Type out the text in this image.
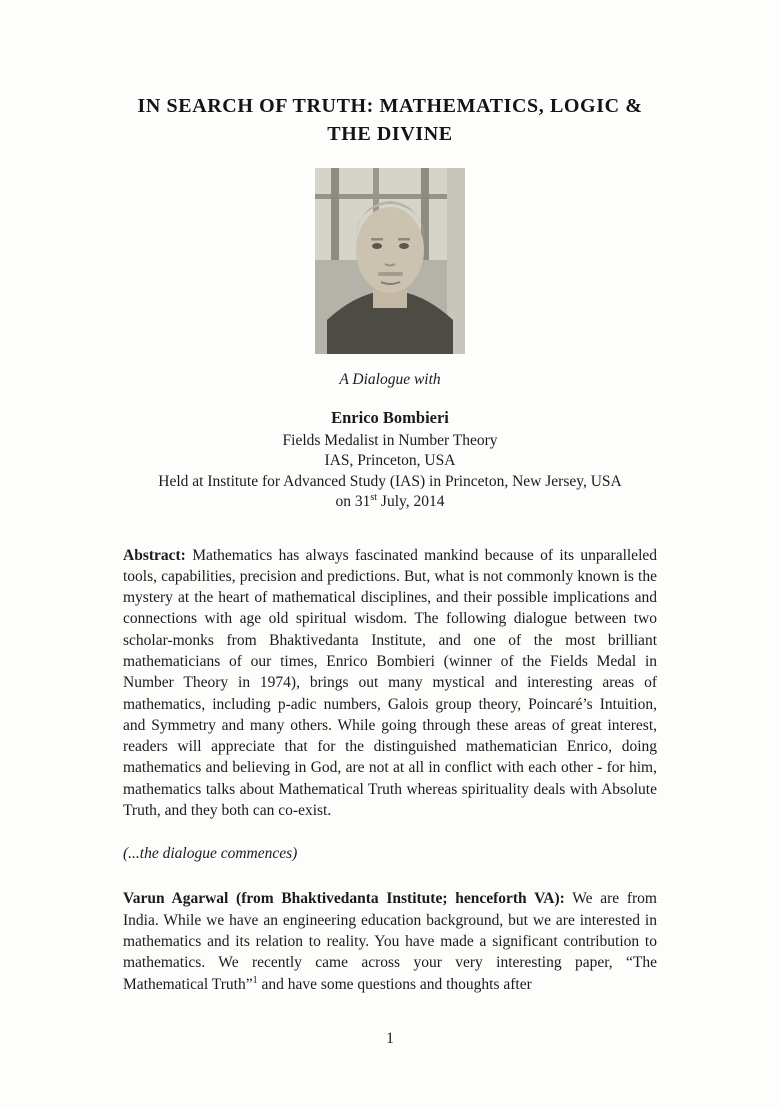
IN SEARCH OF TRUTH: MATHEMATICS, LOGIC &
THE DIVINE
A Dialogue with
Enrico Bombieri
Fields Medalist in Number Theory
IAS, Princeton, USA
Held at Institute for Advanced Study (IAS) in Princeton, New Jersey, USA
on 31st July, 2014

Abstract: Mathematics has always fascinated mankind because of its unparalleled tools, capabilities, precision and predictions. But, what is not commonly known is the mystery at the heart of mathematical disciplines, and their possible implications and connections with age old spiritual wisdom. The following dialogue between two scholar-monks from Bhaktivedanta Institute, and one of the most brilliant mathematicians of our times, Enrico Bombieri (winner of the Fields Medal in Number Theory in 1974), brings out many mystical and interesting areas of mathematics, including p-adic numbers, Galois group theory, Poincaré’s Intuition, and Symmetry and many others. While going through these areas of great interest, readers will appreciate that for the distinguished mathematician Enrico, doing mathematics and believing in God, are not at all in conflict with each other - for him, mathematics talks about Mathematical Truth whereas spirituality deals with Absolute Truth, and they both can co-exist.

(...the dialogue commences)

Varun Agarwal (from Bhaktivedanta Institute; henceforth VA): We are from India. While we have an engineering education background, but we are interested in mathematics and its relation to reality. You have made a significant contribution to mathematics. We recently came across your very interesting paper, “The Mathematical Truth”$^1$ and have some questions and thoughts after

1
